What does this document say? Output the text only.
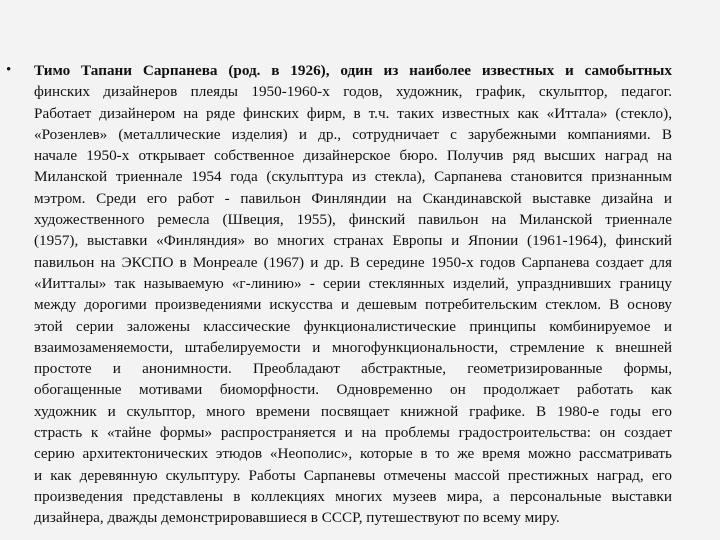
• Тимо Тапани Сарпанева (род. в 1926), один из наиболее известных и самобытных
финских дизайнеров плеяды 1950-1960-х годов, художник, график, скульптор, педагог.
Работает дизайнером на ряде финских фирм, в т.ч. таких известных как «Иттала» (стекло),
«Розенлев» (металлические изделия) и др., сотрудничает с зарубежными компаниями. В
начале 1950-х открывает собственное дизайнерское бюро. Получив ряд высших наград на
Миланской триеннале 1954 года (скульптура из стекла), Сарпанева становится признанным
мэтром. Среди его работ - павильон Финляндии на Скандинавской выставке дизайна и
художественного ремесла (Швеция, 1955), финский павильон на Миланской триеннале
(1957), выставки «Финляндия» во многих странах Европы и Японии (1961-1964), финский
павильон на ЭКСПО в Монреале (1967) и др. В середине 1950-х годов Сарпанева создает для
«Иитталы» так называемую «г-линию» - серии стеклянных изделий, упразднивших границу
между дорогими произведениями искусства и дешевым потребительским стеклом. В основу
этой серии заложены классические функционалистические принципы комбинируемое и
взаимозаменяемости, штабелируемости и многофункциональности, стремление к внешней
простоте и анонимности. Преобладают абстрактные, геометризированные формы,
обогащенные мотивами биоморфности. Одновременно он продолжает работать как
художник и скульптор, много времени посвящает книжной графике. В 1980-е годы его
страсть к «тайне формы» распространяется и на проблемы градостроительства: он создает
серию архитектонических этюдов «Неополис», которые в то же время можно рассматривать
и как деревянную скульптуру. Работы Сарпаневы отмечены массой престижных наград, его
произведения представлены в коллекциях многих музеев мира, а персональные выставки
дизайнера, дважды демонстрировавшиеся в СССР, путешествуют по всему миру.
